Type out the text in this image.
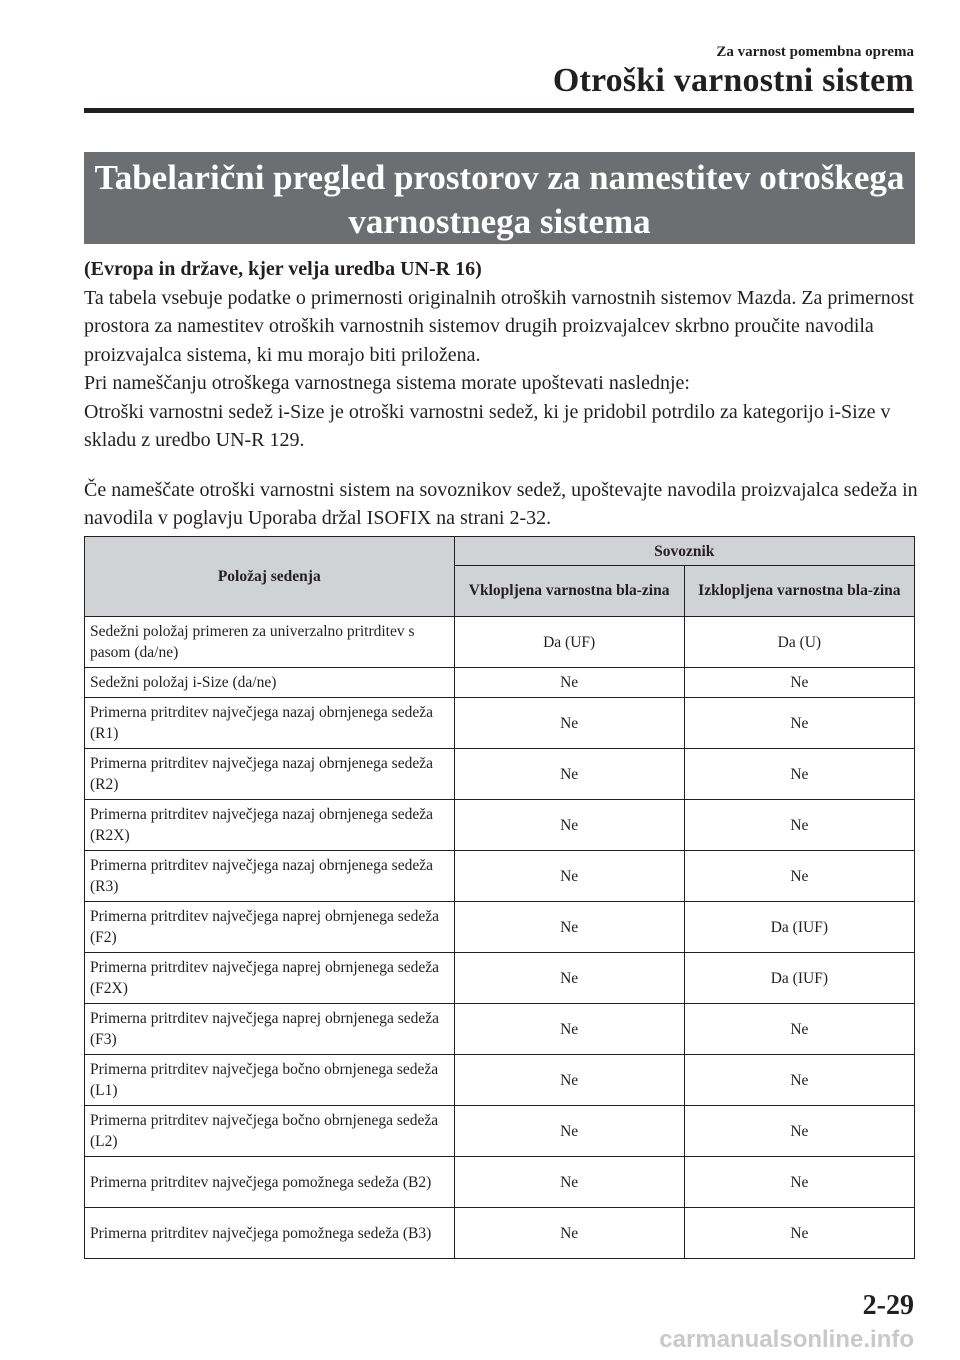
Za varnost pomembna oprema
Otroški varnostni sistem
Tabelarični pregled prostorov za namestitev otroškega
varnostnega sistema

(Evropa in države, kjer velja uredba UN-R 16)

Ta tabela vsebuje podatke o primernosti originalnih otroških varnostnih sistemov Mazda. Za primernost prostora za namestitev otroških varnostnih sistemov drugih proizvajalcev skrbno proučite navodila proizvajalca sistema, ki mu morajo biti priložena.

Pri nameščanju otroškega varnostnega sistema morate upoštevati naslednje:

Otroški varnostni sedež i-Size je otroški varnostni sedež, ki je pridobil potrdilo za kategorijo i-Size v skladu z uredbo UN-R 129.

Če nameščate otroški varnostni sistem na sovoznikov sedež, upoštevajte navodila proizvajalca sedeža in navodila v poglavju Uporaba držal ISOFIX na strani 2-32.

Položaj sedenja	Sovoznik	
	Vklopljena varnostna bla-zina	Izklopljena varnostna bla-zina
Sedežni položaj primeren za univerzalno pritrditev s pasom (da/ne)	Da (UF)	Da (U)
Sedežni položaj i-Size (da/ne)	Ne	Ne
Primerna pritrditev največjega nazaj obrnjenega sedeža (R1)	Ne	Ne
Primerna pritrditev največjega nazaj obrnjenega sedeža (R2)	Ne	Ne
Primerna pritrditev največjega nazaj obrnjenega sedeža (R2X)	Ne	Ne
Primerna pritrditev največjega nazaj obrnjenega sedeža (R3)	Ne	Ne
Primerna pritrditev največjega naprej obrnjenega sedeža (F2)	Ne	Da (IUF)
Primerna pritrditev največjega naprej obrnjenega sedeža (F2X)	Ne	Da (IUF)
Primerna pritrditev največjega naprej obrnjenega sedeža (F3)	Ne	Ne
Primerna pritrditev največjega bočno obrnjenega sedeža (L1)	Ne	Ne
Primerna pritrditev največjega bočno obrnjenega sedeža (L2)	Ne	Ne
Primerna pritrditev največjega pomožnega sedeža (B2)	Ne	Ne
Primerna pritrditev največjega pomožnega sedeža (B3)	Ne	Ne
2-29
carmanualsonline.info
